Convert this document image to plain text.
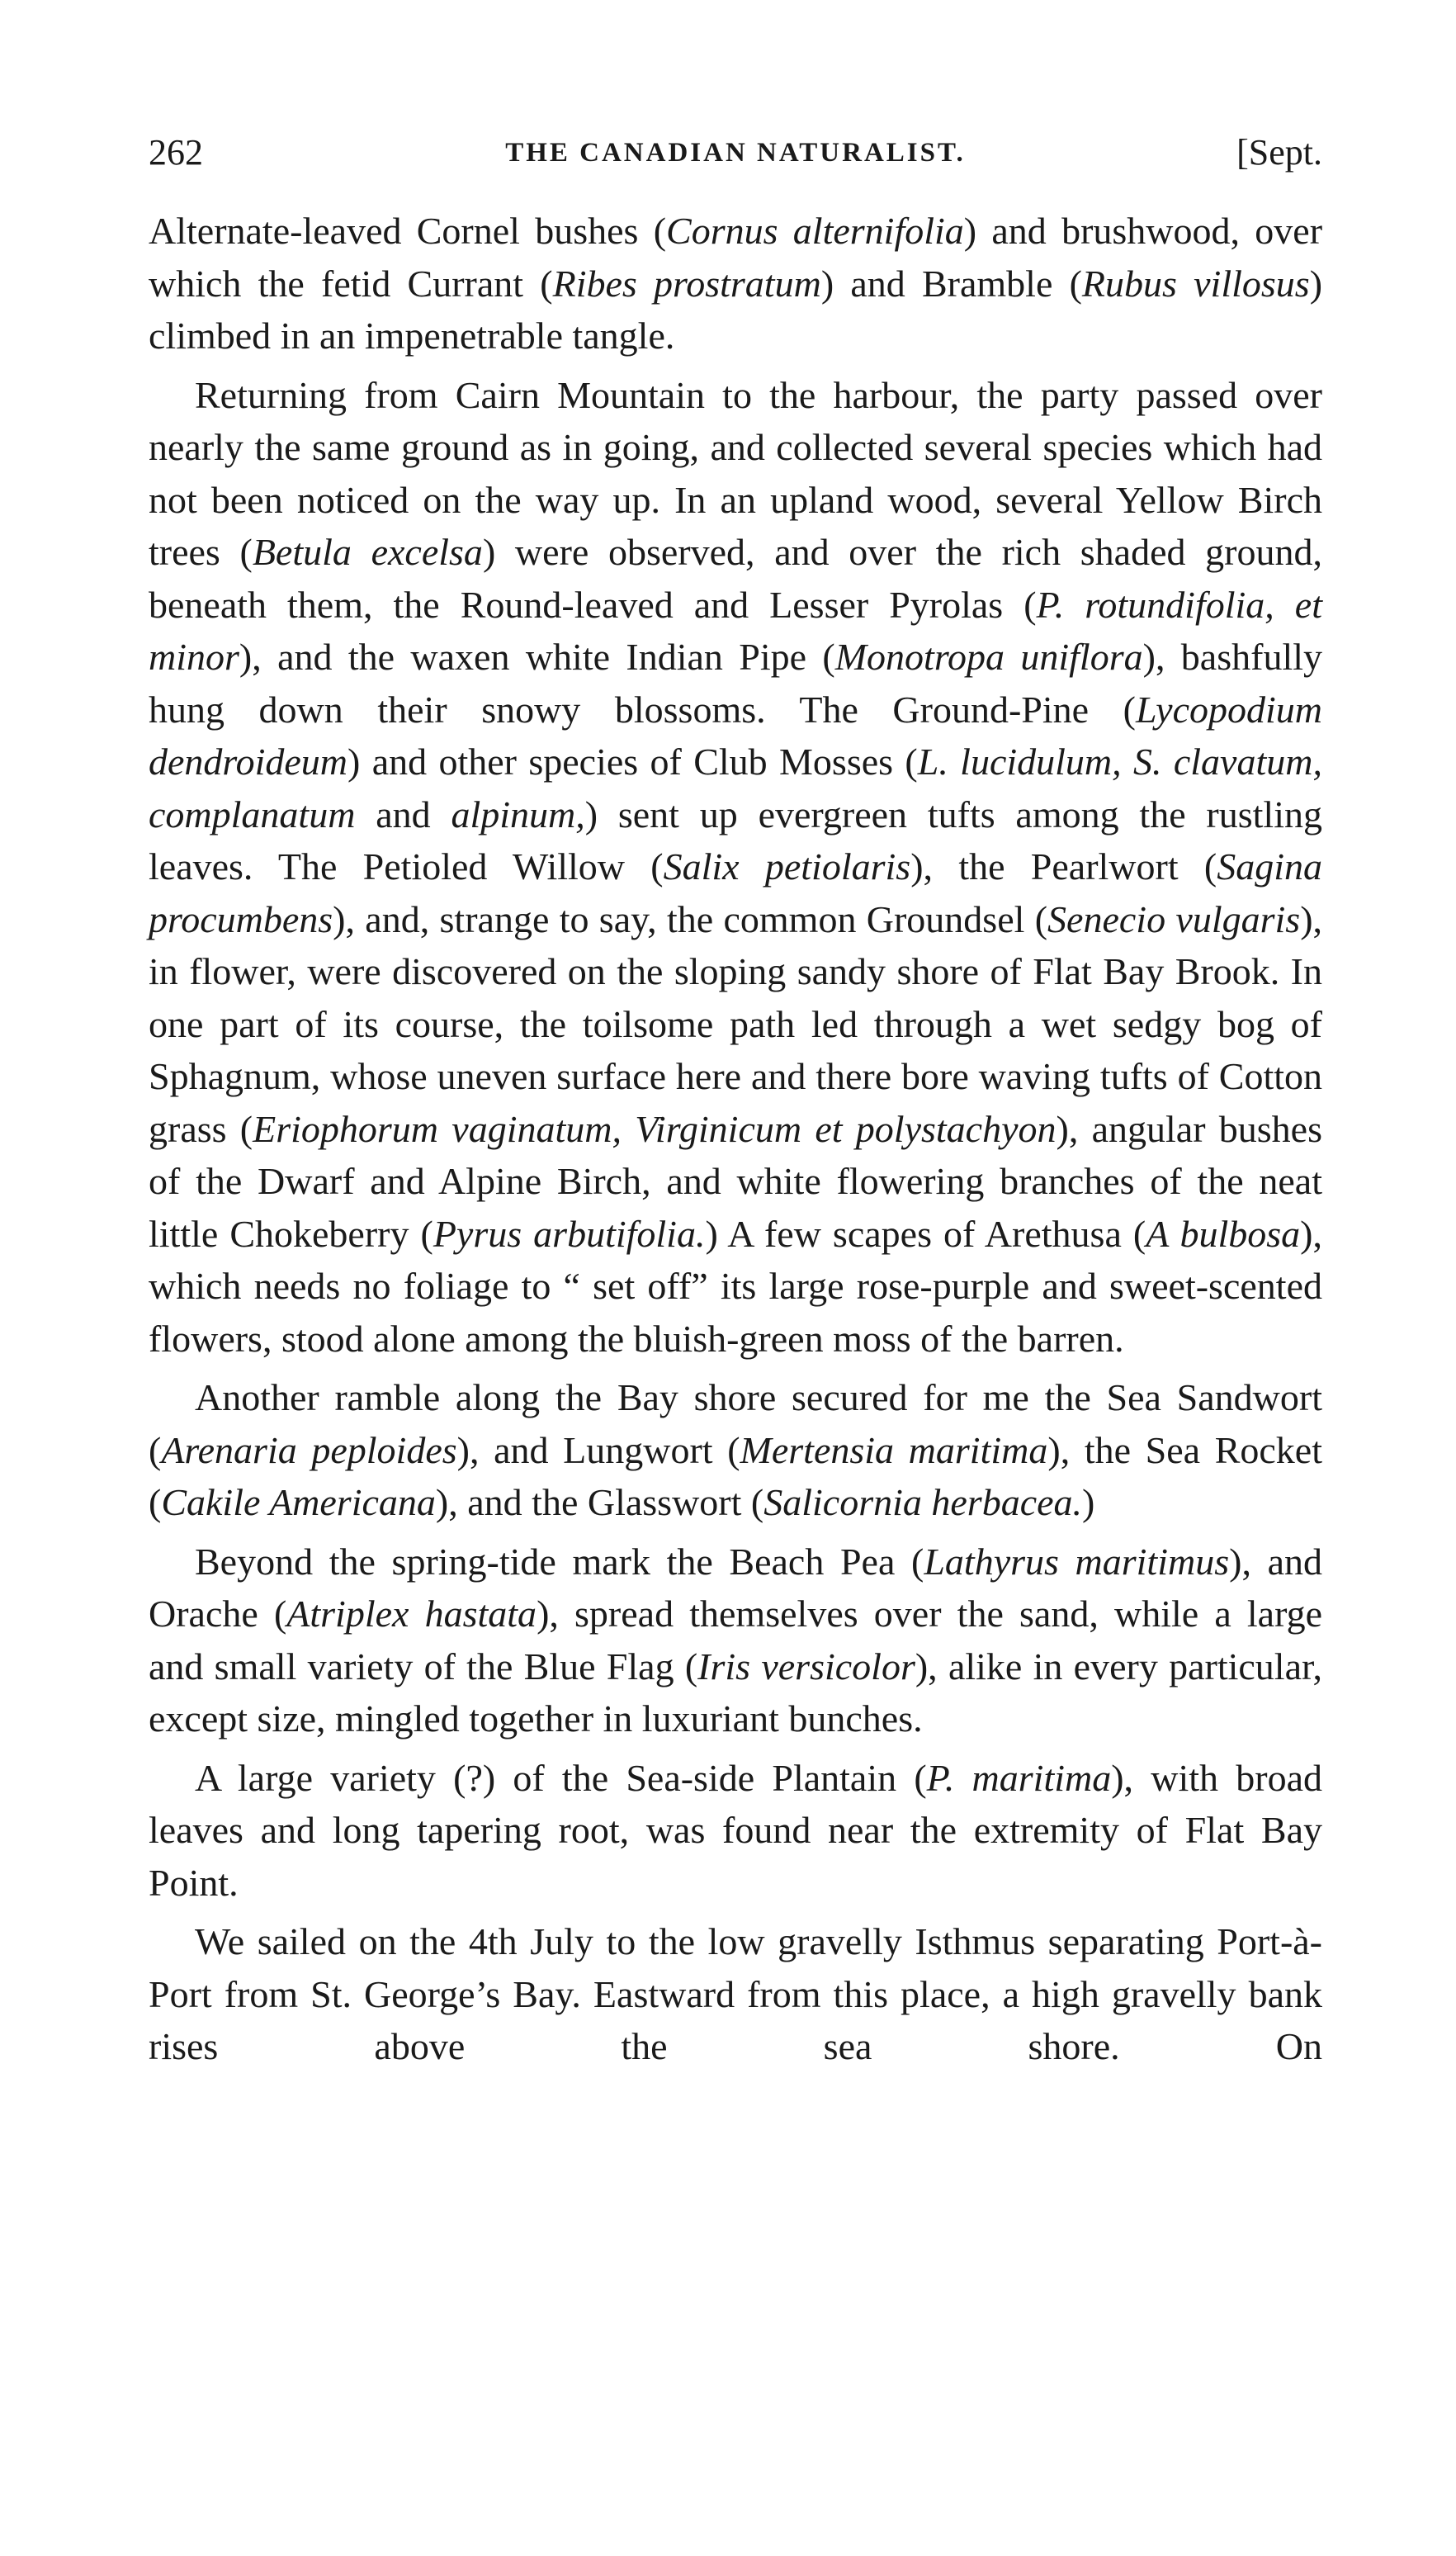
262	THE CANADIAN NATURALIST.	[Sept.

Alternate-leaved Cornel bushes (Cornus alternifolia) and brushwood, over which the fetid Currant (Ribes prostratum) and Bramble (Rubus villosus) climbed in an impenetrable tangle.

Returning from Cairn Mountain to the harbour, the party passed over nearly the same ground as in going, and collected several species which had not been noticed on the way up. In an upland wood, several Yellow Birch trees (Betula excelsa) were observed, and over the rich shaded ground, beneath them, the Round-leaved and Lesser Pyrolas (P. rotundifolia, et minor), and the waxen white Indian Pipe (Monotropa uniflora), bashfully hung down their snowy blossoms. The Ground-Pine (Lycopodium dendroideum) and other species of Club Mosses (L. lucidulum, S. clavatum, complanatum and alpinum,) sent up evergreen tufts among the rustling leaves. The Petioled Willow (Salix petiolaris), the Pearlwort (Sagina procumbens), and, strange to say, the common Groundsel (Senecio vulgaris), in flower, were discovered on the sloping sandy shore of Flat Bay Brook. In one part of its course, the toilsome path led through a wet sedgy bog of Sphagnum, whose uneven surface here and there bore waving tufts of Cotton grass (Eriophorum vaginatum, Virginicum et polystachyon), angular bushes of the Dwarf and Alpine Birch, and white flowering branches of the neat little Chokeberry (Pyrus arbutifolia.) A few scapes of Arethusa (A bulbosa), which needs no foliage to “ set off” its large rose-purple and sweet-scented flowers, stood alone among the bluish-green moss of the barren.

Another ramble along the Bay shore secured for me the Sea Sandwort (Arenaria peploides), and Lungwort (Mertensia maritima), the Sea Rocket (Cakile Americana), and the Glasswort (Salicornia herbacea.)

Beyond the spring-tide mark the Beach Pea (Lathyrus maritimus), and Orache (Atriplex hastata), spread themselves over the sand, while a large and small variety of the Blue Flag (Iris versicolor), alike in every particular, except size, mingled together in luxuriant bunches.

A large variety (?) of the Sea-side Plantain (P. maritima), with broad leaves and long tapering root, was found near the extremity of Flat Bay Point.

We sailed on the 4th July to the low gravelly Isthmus separating Port-à-Port from St. George’s Bay. Eastward from this place, a high gravelly bank rises above the sea shore. On
